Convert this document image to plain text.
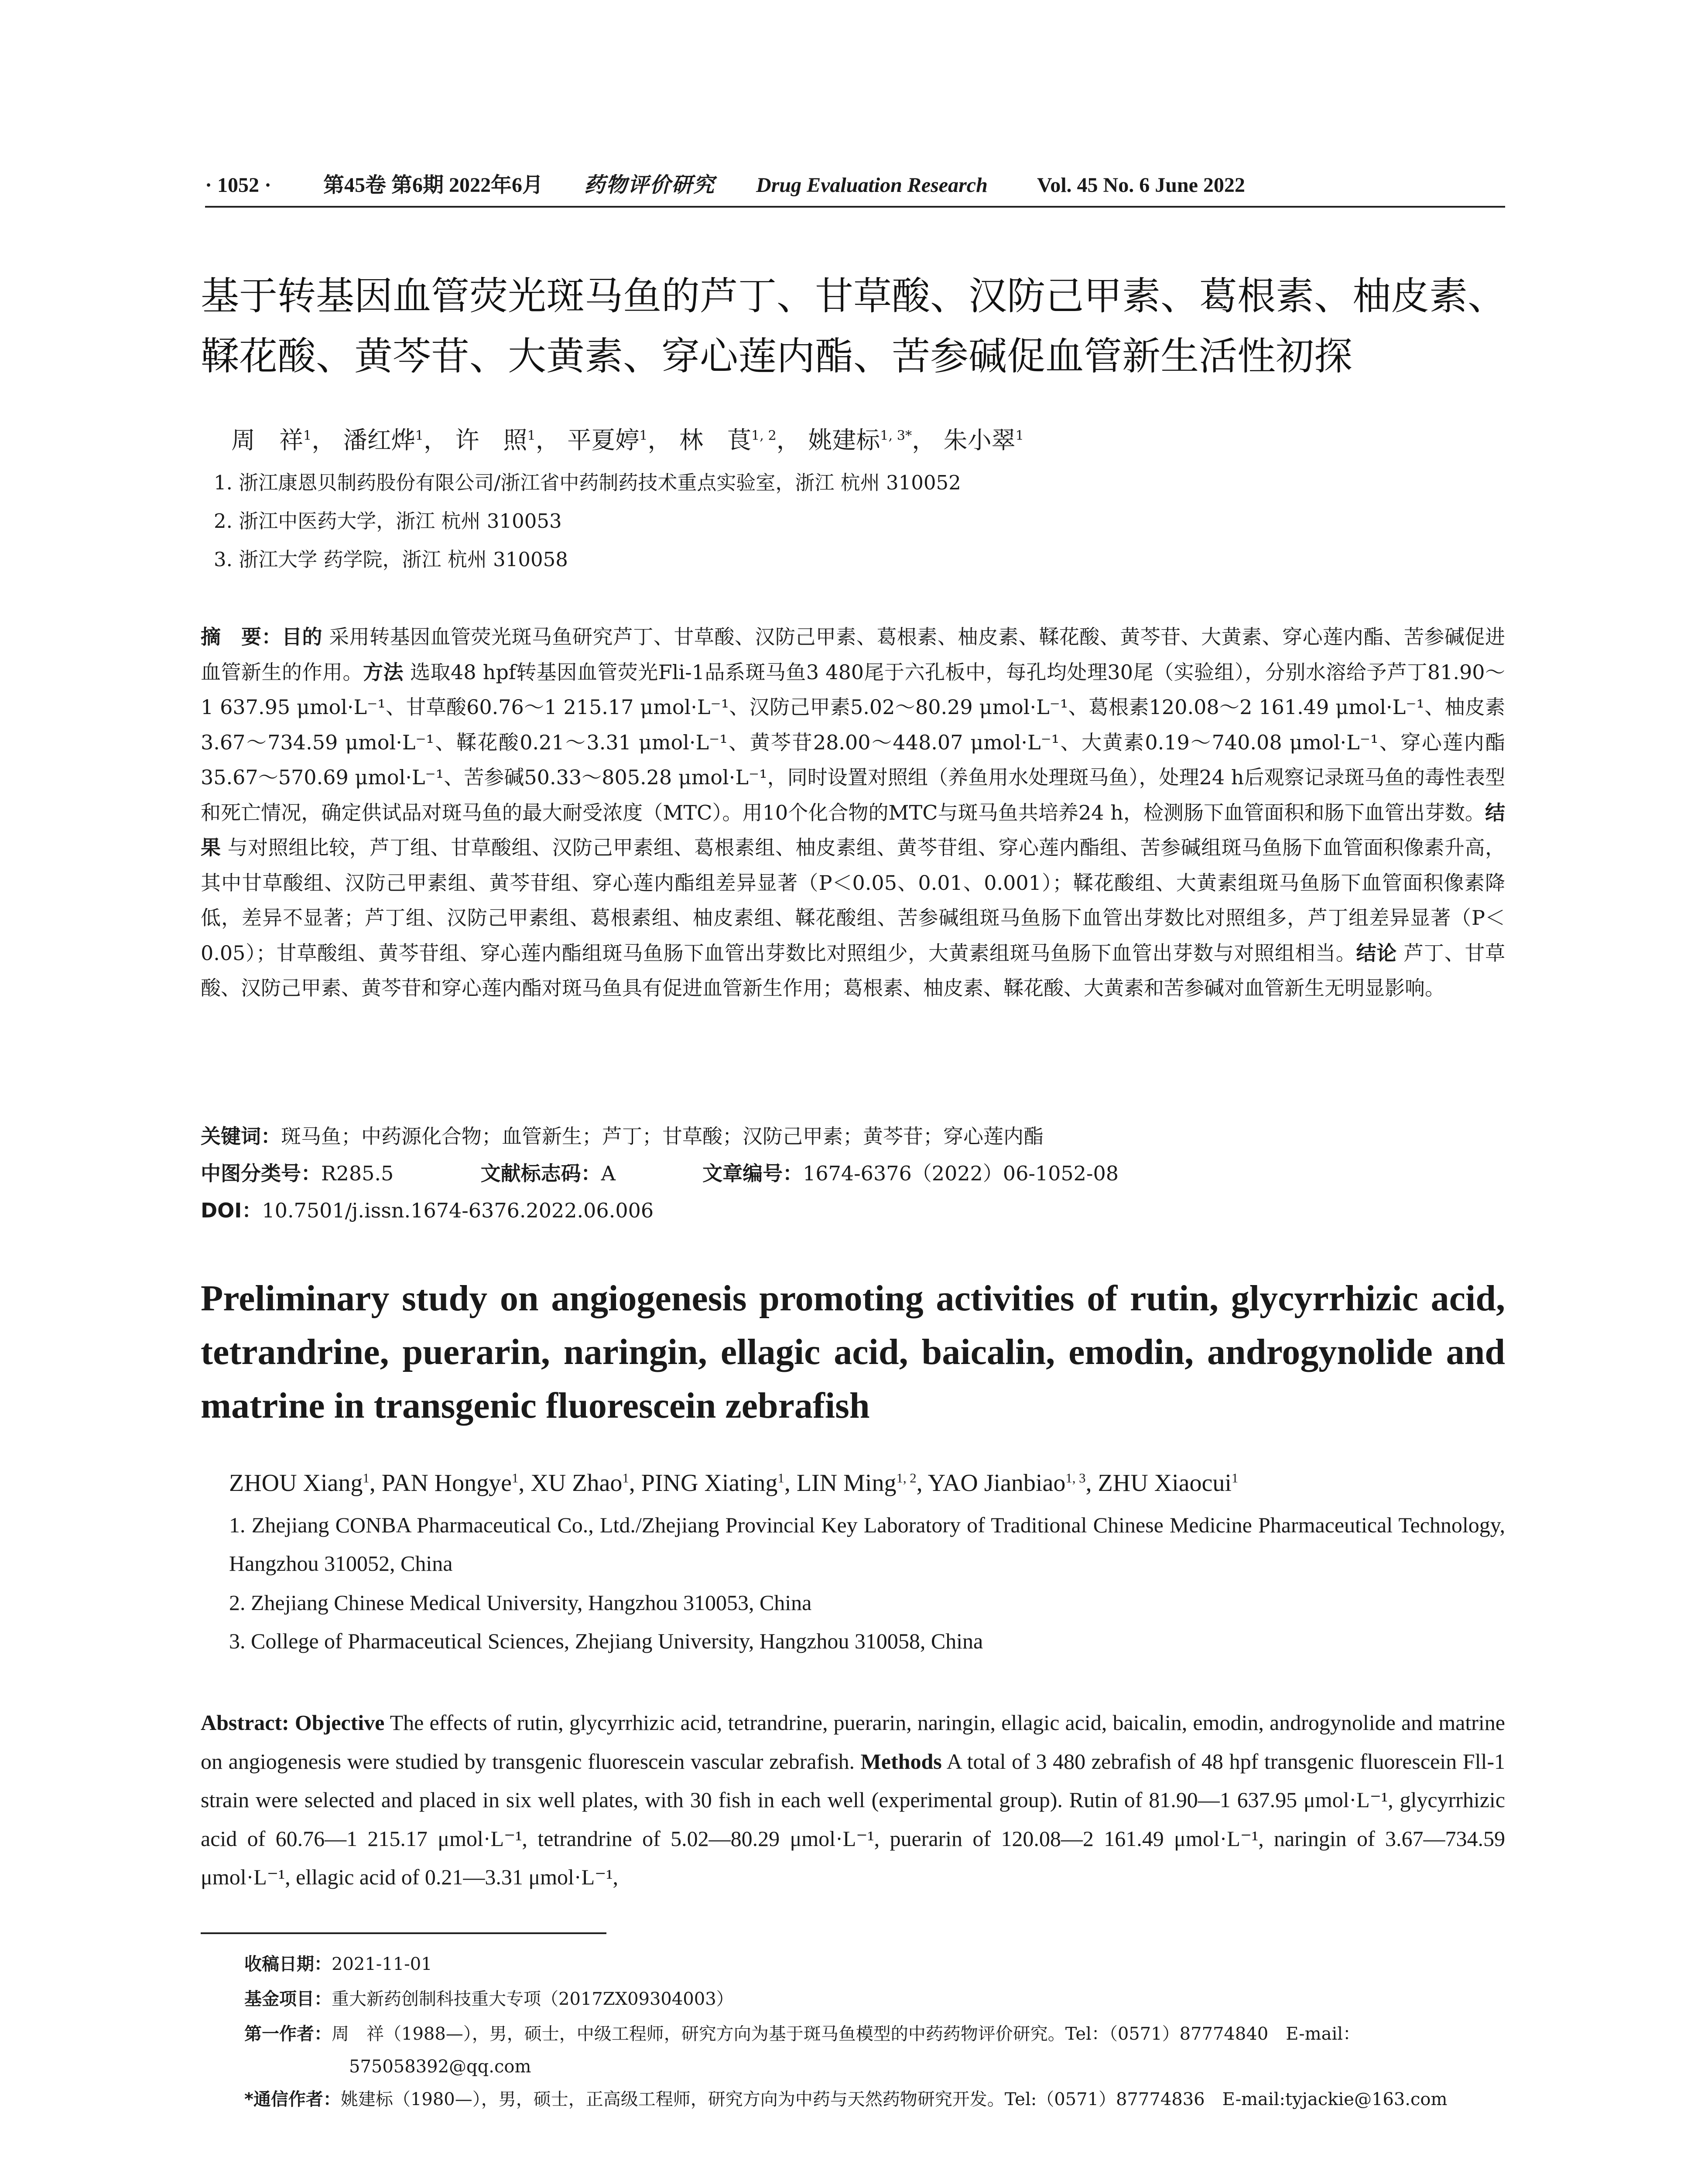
· 1052 · 第45卷 第6期 2022年6月 药物评价研究 Drug Evaluation Research Vol. 45 No. 6 June 2022
基于转基因血管荧光斑马鱼的芦丁、甘草酸、汉防己甲素、葛根素、柚皮素、
鞣花酸、黄芩苷、大黄素、穿心莲内酯、苦参碱促血管新生活性初探
周　祥$^1$， 潘红烨$^1$， 许　照$^1$， 平夏婷$^1$， 林　茛$^{1, 2}$， 姚建标$^{1, 3*}$， 朱小翠$^1$
1. 浙江康恩贝制药股份有限公司/浙江省中药制药技术重点实验室，浙江 杭州 310052
2. 浙江中医药大学，浙江 杭州 310053
3. 浙江大学 药学院，浙江 杭州 310058
摘　要：目的 采用转基因血管荧光斑马鱼研究芦丁、甘草酸、汉防己甲素、葛根素、柚皮素、鞣花酸、黄芩苷、大黄素、穿心莲内酯、苦参碱促进血管新生的作用。方法 选取48 hpf转基因血管荧光Fli-1品系斑马鱼3 480尾于六孔板中，每孔均处理30尾（实验组），分别水溶给予芦丁81.90～1 637.95 μmol·L⁻¹、甘草酸60.76～1 215.17 μmol·L⁻¹、汉防己甲素5.02～80.29 μmol·L⁻¹、葛根素120.08～2 161.49 μmol·L⁻¹、柚皮素3.67～734.59 μmol·L⁻¹、鞣花酸0.21～3.31 μmol·L⁻¹、黄芩苷28.00～448.07 μmol·L⁻¹、大黄素0.19～740.08 μmol·L⁻¹、穿心莲内酯35.67～570.69 μmol·L⁻¹、苦参碱50.33～805.28 μmol·L⁻¹，同时设置对照组（养鱼用水处理斑马鱼），处理24 h后观察记录斑马鱼的毒性表型和死亡情况，确定供试品对斑马鱼的最大耐受浓度（MTC）。用10个化合物的MTC与斑马鱼共培养24 h，检测肠下血管面积和肠下血管出芽数。结果 与对照组比较，芦丁组、甘草酸组、汉防己甲素组、葛根素组、柚皮素组、黄芩苷组、穿心莲内酯组、苦参碱组斑马鱼肠下血管面积像素升高，其中甘草酸组、汉防己甲素组、黄芩苷组、穿心莲内酯组差异显著（P＜0.05、0.01、0.001）；鞣花酸组、大黄素组斑马鱼肠下血管面积像素降低，差异不显著；芦丁组、汉防己甲素组、葛根素组、柚皮素组、鞣花酸组、苦参碱组斑马鱼肠下血管出芽数比对照组多，芦丁组差异显著（P＜0.05）；甘草酸组、黄芩苷组、穿心莲内酯组斑马鱼肠下血管出芽数比对照组少，大黄素组斑马鱼肠下血管出芽数与对照组相当。结论 芦丁、甘草酸、汉防己甲素、黄芩苷和穿心莲内酯对斑马鱼具有促进血管新生作用；葛根素、柚皮素、鞣花酸、大黄素和苦参碱对血管新生无明显影响。
关键词：斑马鱼；中药源化合物；血管新生；芦丁；甘草酸；汉防己甲素；黄芩苷；穿心莲内酯
中图分类号：R285.5	文献标志码：A	文章编号：1674-6376（2022）06-1052-08
DOI：10.7501/j.issn.1674-6376.2022.06.006
Preliminary study on angiogenesis promoting activities of rutin, glycyrrhizic acid, tetrandrine, puerarin, naringin, ellagic acid, baicalin, emodin, androgynolide and matrine in transgenic fluorescein zebrafish
ZHOU Xiang$^1$, PAN Hongye$^1$, XU Zhao$^1$, PING Xiating$^1$, LIN Ming$^{1, 2}$, YAO Jianbiao$^{1, 3}$, ZHU Xiaocui$^1$
1. Zhejiang CONBA Pharmaceutical Co., Ltd./Zhejiang Provincial Key Laboratory of Traditional Chinese Medicine Pharmaceutical Technology, Hangzhou 310052, China
2. Zhejiang Chinese Medical University, Hangzhou 310053, China
3. College of Pharmaceutical Sciences, Zhejiang University, Hangzhou 310058, China
Abstract: Objective The effects of rutin, glycyrrhizic acid, tetrandrine, puerarin, naringin, ellagic acid, baicalin, emodin, androgynolide and matrine on angiogenesis were studied by transgenic fluorescein vascular zebrafish. Methods A total of 3 480 zebrafish of 48 hpf transgenic fluorescein Fll-1 strain were selected and placed in six well plates, with 30 fish in each well (experimental group). Rutin of 81.90—1 637.95 μmol·L⁻¹, glycyrrhizic acid of 60.76—1 215.17 μmol·L⁻¹, tetrandrine of 5.02—80.29 μmol·L⁻¹, puerarin of 120.08—2 161.49 μmol·L⁻¹, naringin of 3.67—734.59 μmol·L⁻¹, ellagic acid of 0.21—3.31 μmol·L⁻¹,
收稿日期：2021-11-01
基金项目：重大新药创制科技重大专项（2017ZX09304003）
第一作者：周　祥（1988—），男，硕士，中级工程师，研究方向为基于斑马鱼模型的中药药物评价研究。Tel：（0571）87774840　E-mail：
575058392@qq.com
*通信作者：姚建标（1980—），男，硕士，正高级工程师，研究方向为中药与天然药物研究开发。Tel:（0571）87774836　E-mail:tyjackie@163.com
